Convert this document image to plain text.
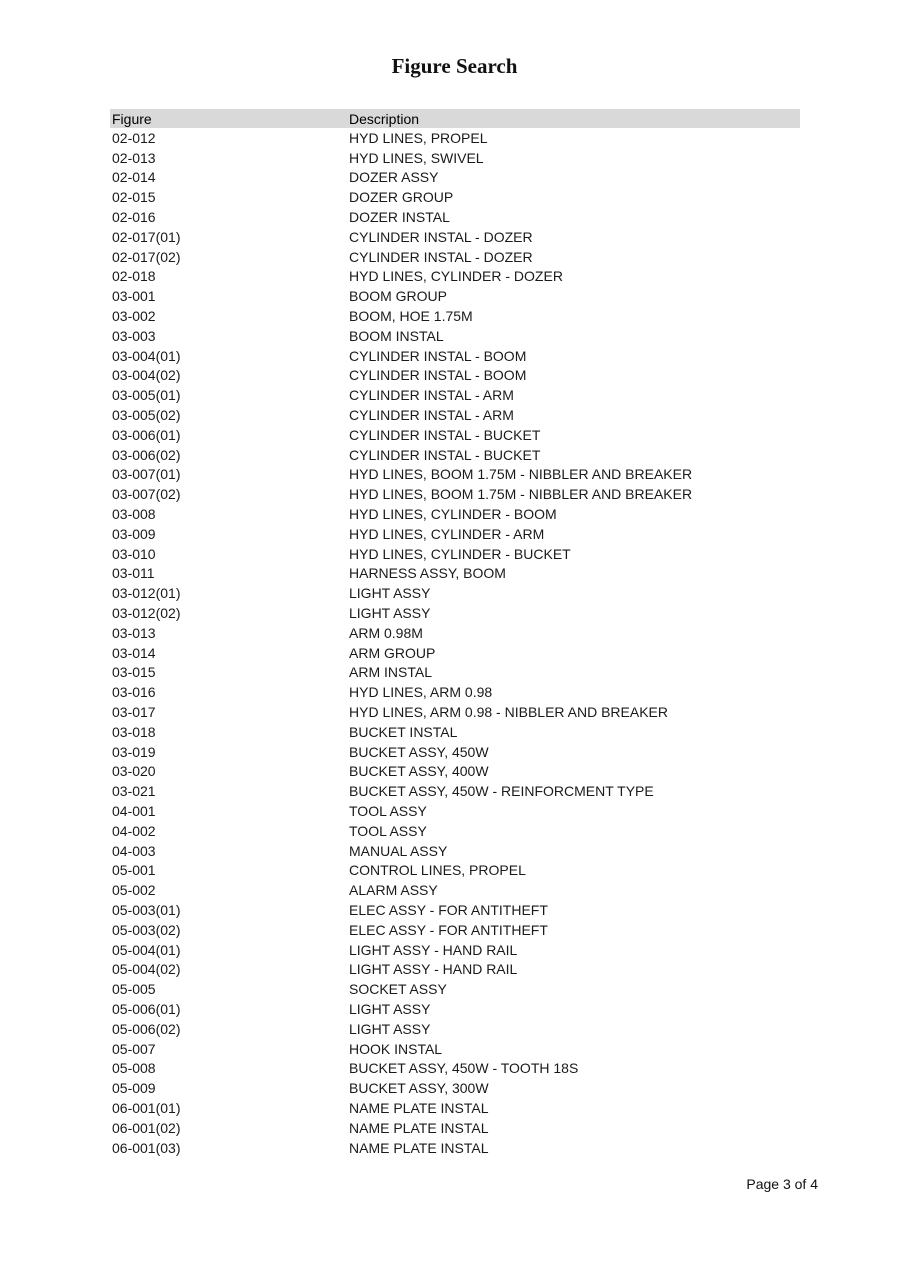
Figure Search
Figure	Description
02-012	HYD LINES, PROPEL
02-013	HYD LINES, SWIVEL
02-014	DOZER ASSY
02-015	DOZER GROUP
02-016	DOZER INSTAL
02-017(01)	CYLINDER INSTAL - DOZER
02-017(02)	CYLINDER INSTAL - DOZER
02-018	HYD LINES, CYLINDER - DOZER
03-001	BOOM GROUP
03-002	BOOM, HOE 1.75M
03-003	BOOM INSTAL
03-004(01)	CYLINDER INSTAL - BOOM
03-004(02)	CYLINDER INSTAL - BOOM
03-005(01)	CYLINDER INSTAL - ARM
03-005(02)	CYLINDER INSTAL - ARM
03-006(01)	CYLINDER INSTAL - BUCKET
03-006(02)	CYLINDER INSTAL - BUCKET
03-007(01)	HYD LINES, BOOM 1.75M - NIBBLER AND BREAKER
03-007(02)	HYD LINES, BOOM 1.75M - NIBBLER AND BREAKER
03-008	HYD LINES, CYLINDER - BOOM
03-009	HYD LINES, CYLINDER - ARM
03-010	HYD LINES, CYLINDER - BUCKET
03-011	HARNESS ASSY, BOOM
03-012(01)	LIGHT ASSY
03-012(02)	LIGHT ASSY
03-013	ARM 0.98M
03-014	ARM GROUP
03-015	ARM INSTAL
03-016	HYD LINES, ARM 0.98
03-017	HYD LINES, ARM 0.98 - NIBBLER AND BREAKER
03-018	BUCKET INSTAL
03-019	BUCKET ASSY, 450W
03-020	BUCKET ASSY, 400W
03-021	BUCKET ASSY, 450W - REINFORCMENT TYPE
04-001	TOOL ASSY
04-002	TOOL ASSY
04-003	MANUAL ASSY
05-001	CONTROL LINES, PROPEL
05-002	ALARM ASSY
05-003(01)	ELEC ASSY - FOR ANTITHEFT
05-003(02)	ELEC ASSY - FOR ANTITHEFT
05-004(01)	LIGHT ASSY - HAND RAIL
05-004(02)	LIGHT ASSY - HAND RAIL
05-005	SOCKET ASSY
05-006(01)	LIGHT ASSY
05-006(02)	LIGHT ASSY
05-007	HOOK INSTAL
05-008	BUCKET ASSY, 450W - TOOTH 18S
05-009	BUCKET ASSY, 300W
06-001(01)	NAME PLATE INSTAL
06-001(02)	NAME PLATE INSTAL
06-001(03)	NAME PLATE INSTAL
Page 3 of 4
